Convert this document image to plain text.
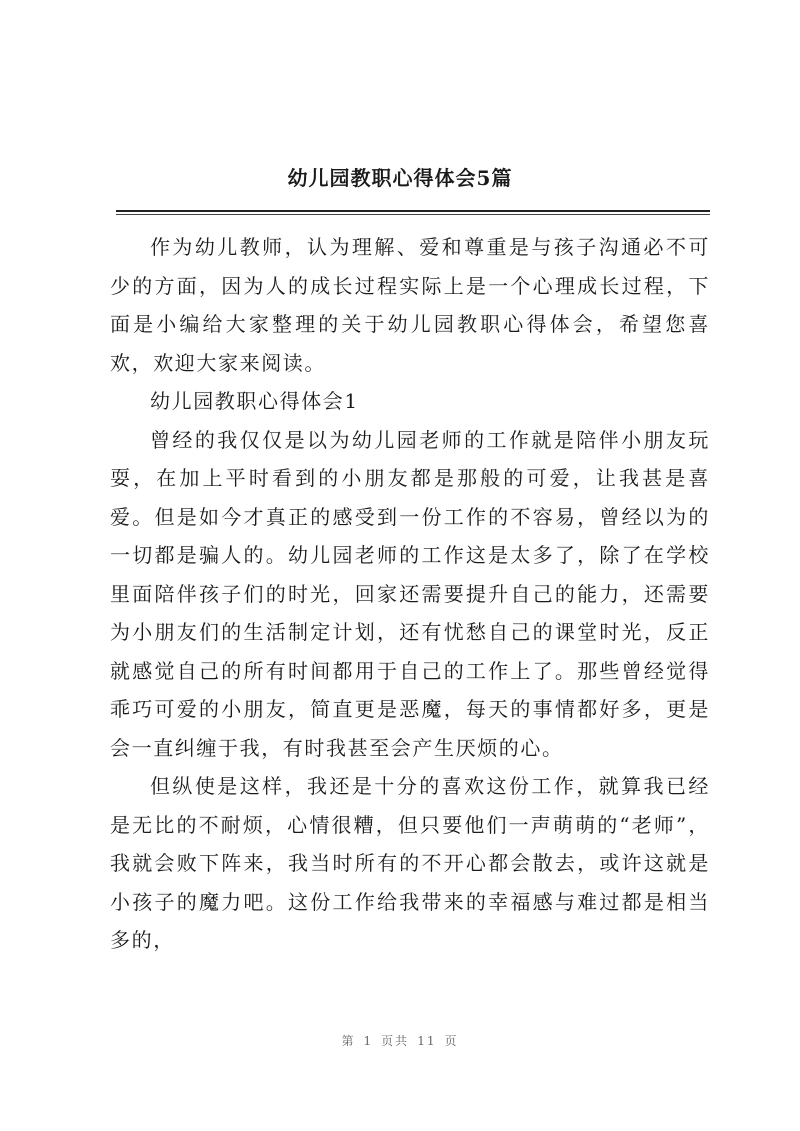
幼儿园教职心得体会5篇

作为幼儿教师，认为理解、爱和尊重是与孩子沟通必不可少的方面，因为人的成长过程实际上是一个心理成长过程，下面是小编给大家整理的关于幼儿园教职心得体会，希望您喜欢，欢迎大家来阅读。

幼儿园教职心得体会1

曾经的我仅仅是以为幼儿园老师的工作就是陪伴小朋友玩耍，在加上平时看到的小朋友都是那般的可爱，让我甚是喜爱。但是如今才真正的感受到一份工作的不容易，曾经以为的一切都是骗人的。幼儿园老师的工作这是太多了，除了在学校里面陪伴孩子们的时光，回家还需要提升自己的能力，还需要为小朋友们的生活制定计划，还有忧愁自己的课堂时光，反正就感觉自己的所有时间都用于自己的工作上了。那些曾经觉得乖巧可爱的小朋友，简直更是恶魔，每天的事情都好多，更是会一直纠缠于我，有时我甚至会产生厌烦的心。

但纵使是这样，我还是十分的喜欢这份工作，就算我已经是无比的不耐烦，心情很糟，但只要他们一声萌萌的“老师”，我就会败下阵来，我当时所有的不开心都会散去，或许这就是小孩子的魔力吧。这份工作给我带来的幸福感与难过都是相当多的，

第 1 页共 11 页
